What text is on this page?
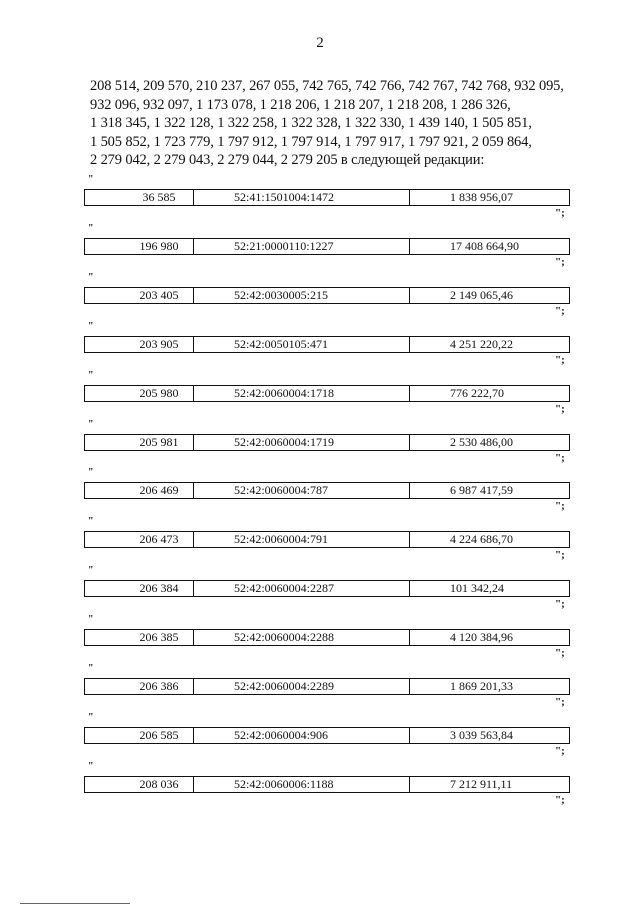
2
208 514, 209 570, 210 237, 267 055, 742 765, 742 766, 742 767, 742 768, 932 095,
932 096, 932 097, 1 173 078, 1 218 206, 1 218 207, 1 218 208, 1 286 326,
1 318 345, 1 322 128, 1 322 258, 1 322 328, 1 322 330, 1 439 140, 1 505 851,
1 505 852, 1 723 779, 1 797 912, 1 797 914, 1 797 917, 1 797 921, 2 059 864,
2 279 042, 2 279 043, 2 279 044, 2 279 205 в следующей редакции:
"
36 585	52:41:1501004:1472	1 838 956,07
";
"
196 980	52:21:0000110:1227	17 408 664,90
";
"
203 405	52:42:0030005:215	2 149 065,46
";
"
203 905	52:42:0050105:471	4 251 220,22
";
"
205 980	52:42:0060004:1718	776 222,70
";
"
205 981	52:42:0060004:1719	2 530 486,00
";
"
206 469	52:42:0060004:787	6 987 417,59
";
"
206 473	52:42:0060004:791	4 224 686,70
";
"
206 384	52:42:0060004:2287	101 342,24
";
"
206 385	52:42:0060004:2288	4 120 384,96
";
"
206 386	52:42:0060004:2289	1 869 201,33
";
"
206 585	52:42:0060004:906	3 039 563,84
";
"
208 036	52:42:0060006:1188	7 212 911,11
";
